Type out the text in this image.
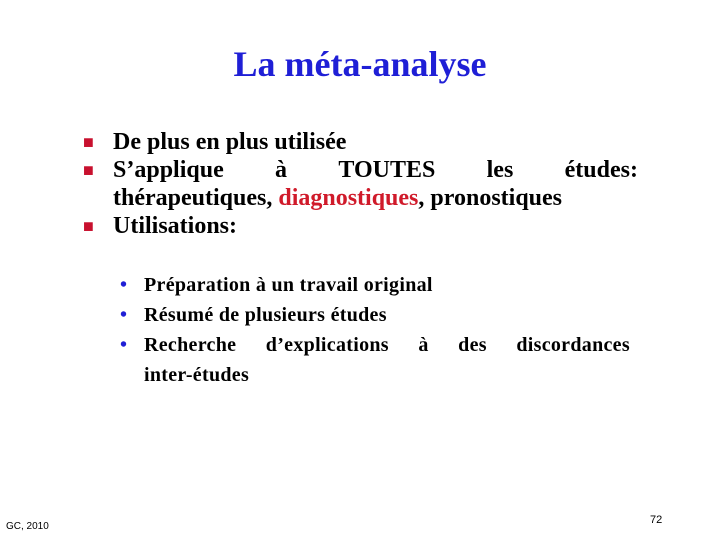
La méta-analyse
■ De plus en plus utilisée
■ S’applique à TOUTES les études:
thérapeutiques, diagnostiques, pronostiques
■ Utilisations:
• Préparation à un travail original
• Résumé de plusieurs études
• Recherche d’explications à des discordances
inter-études
GC, 2010
72
